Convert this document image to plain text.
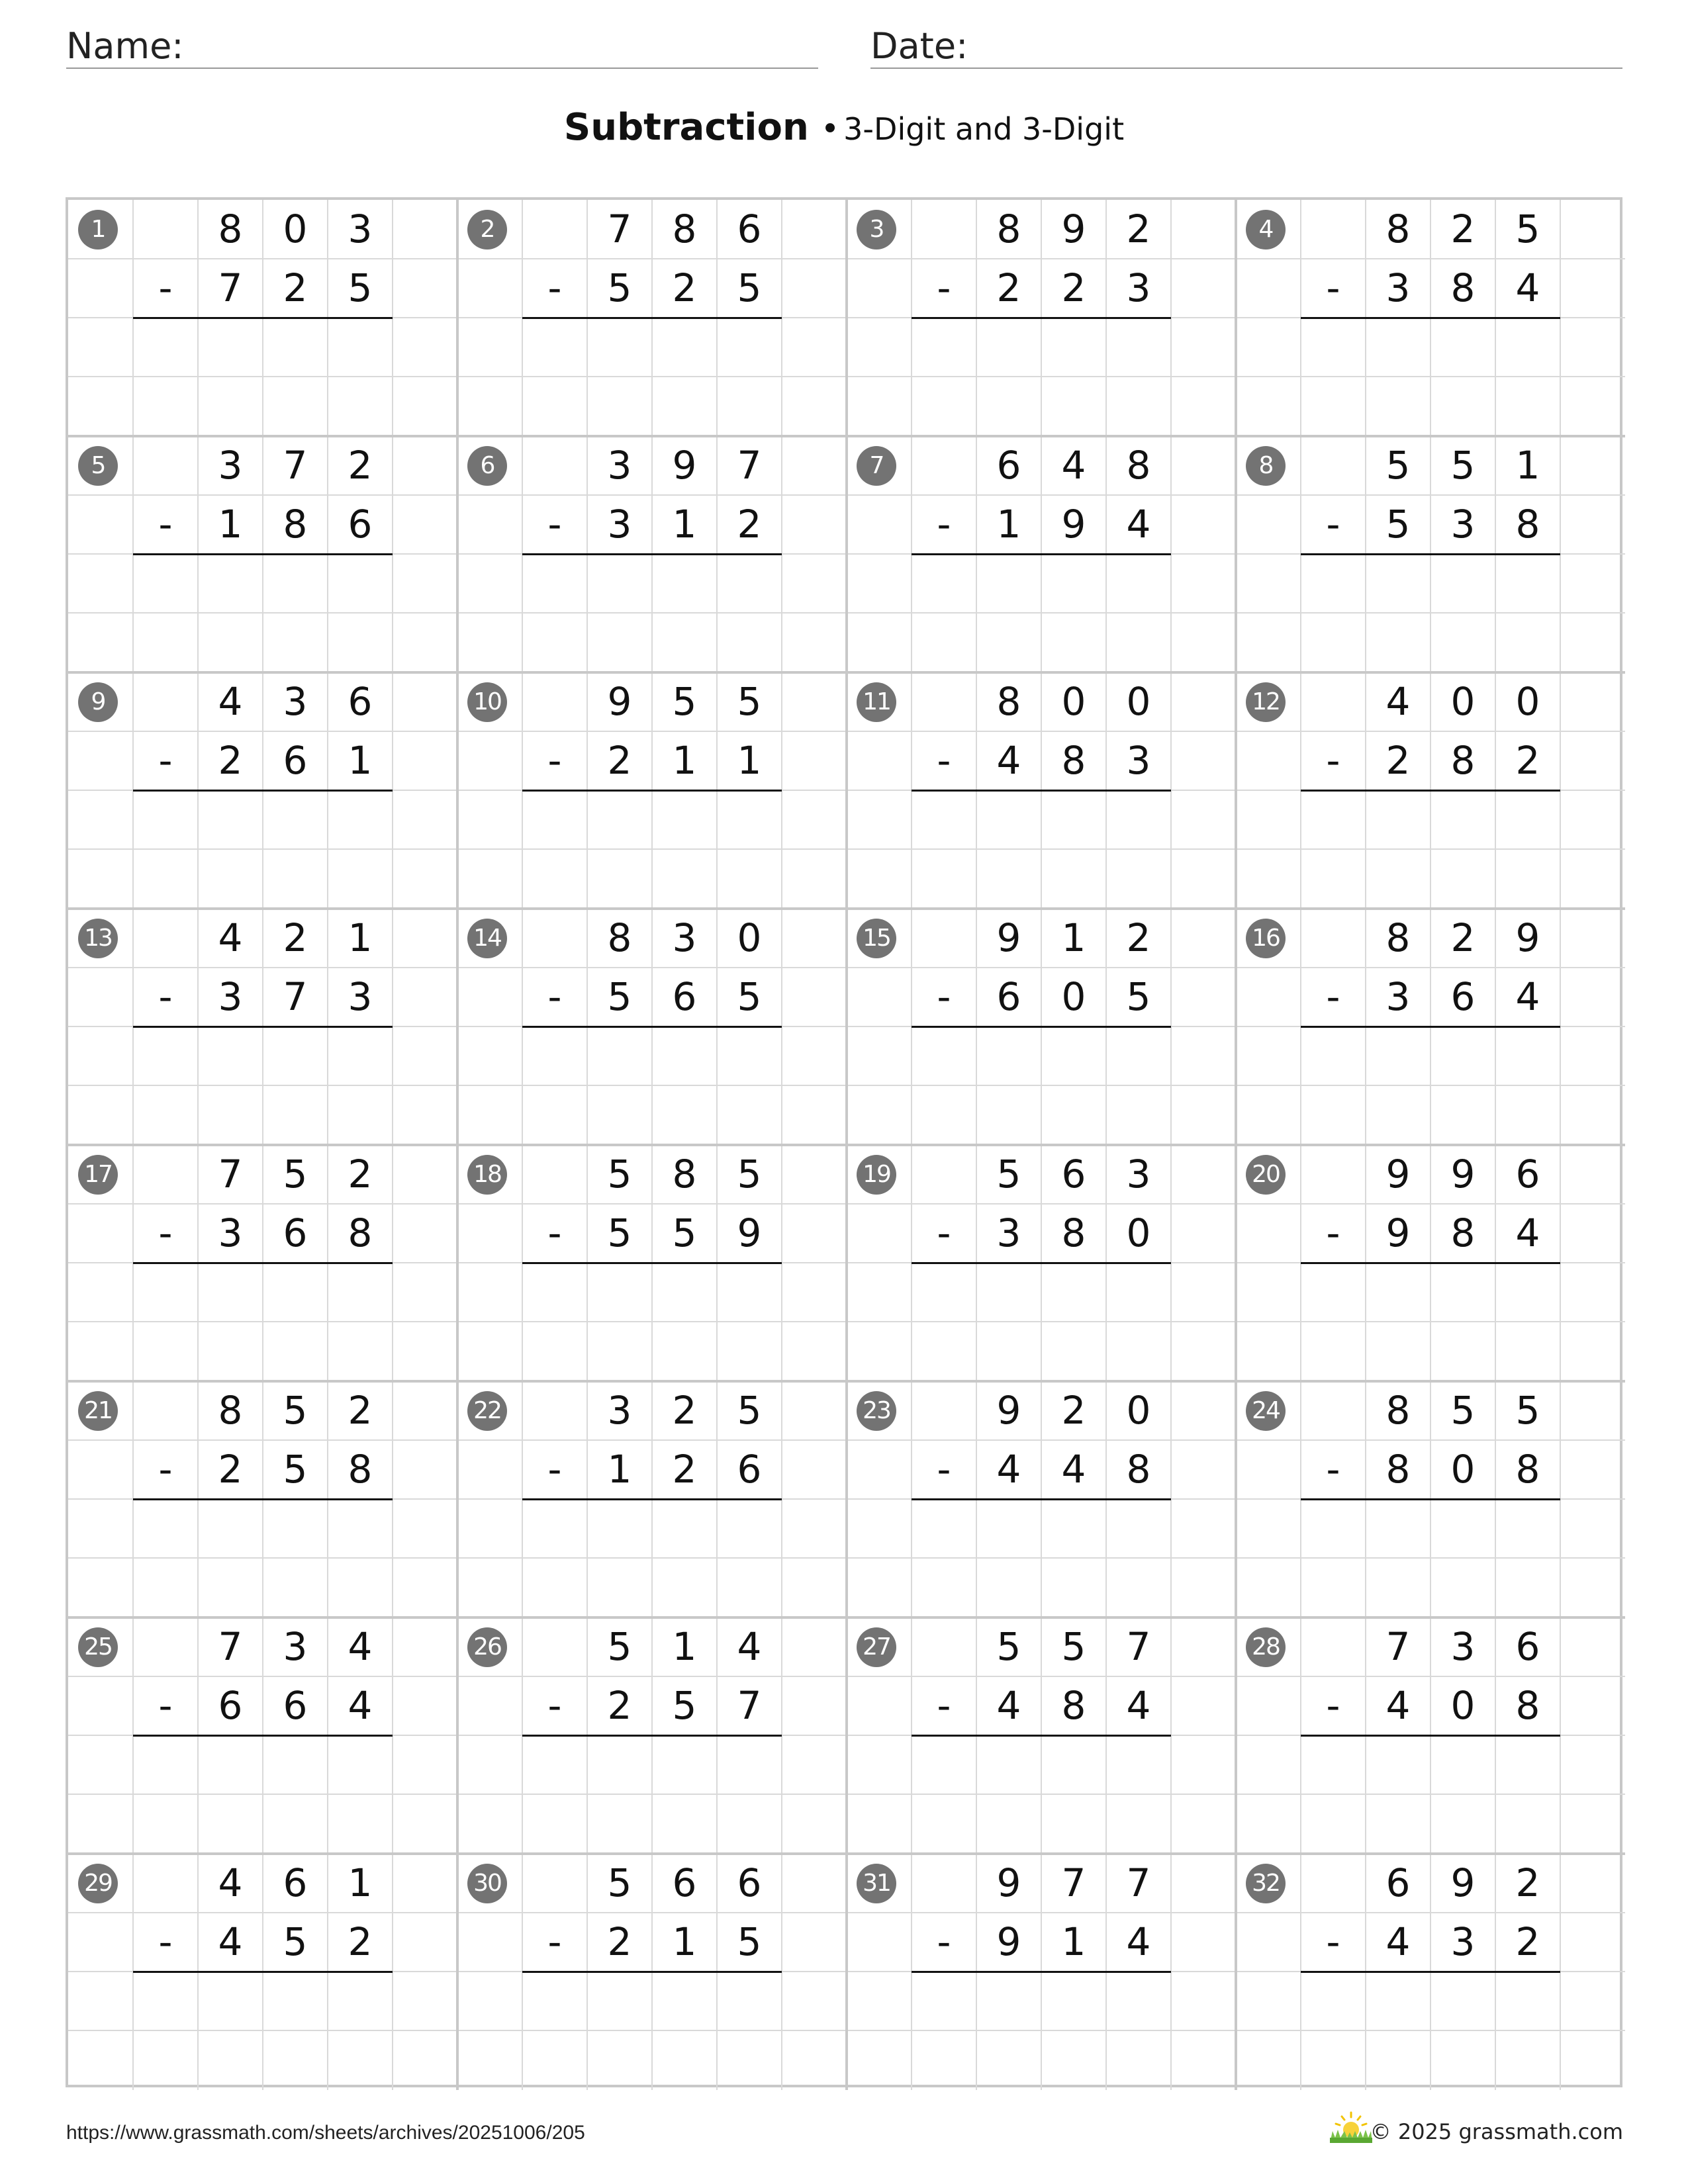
Name:	Date:
Subtraction • 3-Digit and 3-Digit
1	8	0	3
-	7	2	5
2	7	8	6
-	5	2	5
3	8	9	2
-	2	2	3
4	8	2	5
-	3	8	4
5	3	7	2
-	1	8	6
6	3	9	7
-	3	1	2
7	6	4	8
-	1	9	4
8	5	5	1
-	5	3	8
9	4	3	6
-	2	6	1
10	9	5	5
-	2	1	1
11	8	0	0
-	4	8	3
12	4	0	0
-	2	8	2
13	4	2	1
-	3	7	3
14	8	3	0
-	5	6	5
15	9	1	2
-	6	0	5
16	8	2	9
-	3	6	4
17	7	5	2
-	3	6	8
18	5	8	5
-	5	5	9
19	5	6	3
-	3	8	0
20	9	9	6
-	9	8	4
21	8	5	2
-	2	5	8
22	3	2	5
-	1	2	6
23	9	2	0
-	4	4	8
24	8	5	5
-	8	0	8
25	7	3	4
-	6	6	4
26	5	1	4
-	2	5	7
27	5	5	7
-	4	8	4
28	7	3	6
-	4	0	8
29	4	6	1
-	4	5	2
30	5	6	6
-	2	1	5
31	9	7	7
-	9	1	4
32	6	9	2
-	4	3	2
https://www.grassmath.com/sheets/archives/20251006/205	© 2025 grassmath.com
